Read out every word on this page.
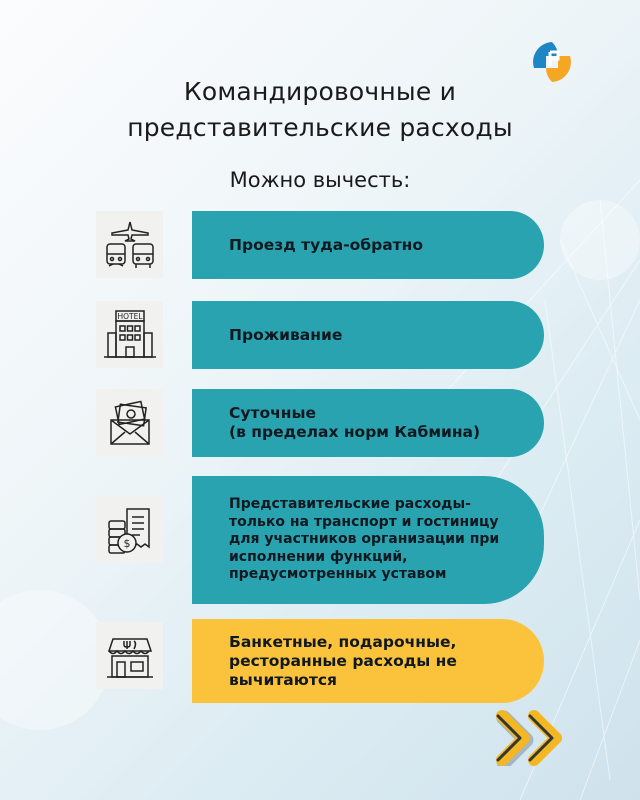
Командировочные и
представительские расходы

Можно вычесть:

Проезд туда-обратно
HOTEL
Проживание
Суточные
(в пределах норм Кабмина)
$
Представительские расходы-
только на транспорт и гостиницу
для участников организации при
исполнении функций,
предусмотренных уставом
Банкетные, подарочные,
ресторанные расходы не
вычитаются
